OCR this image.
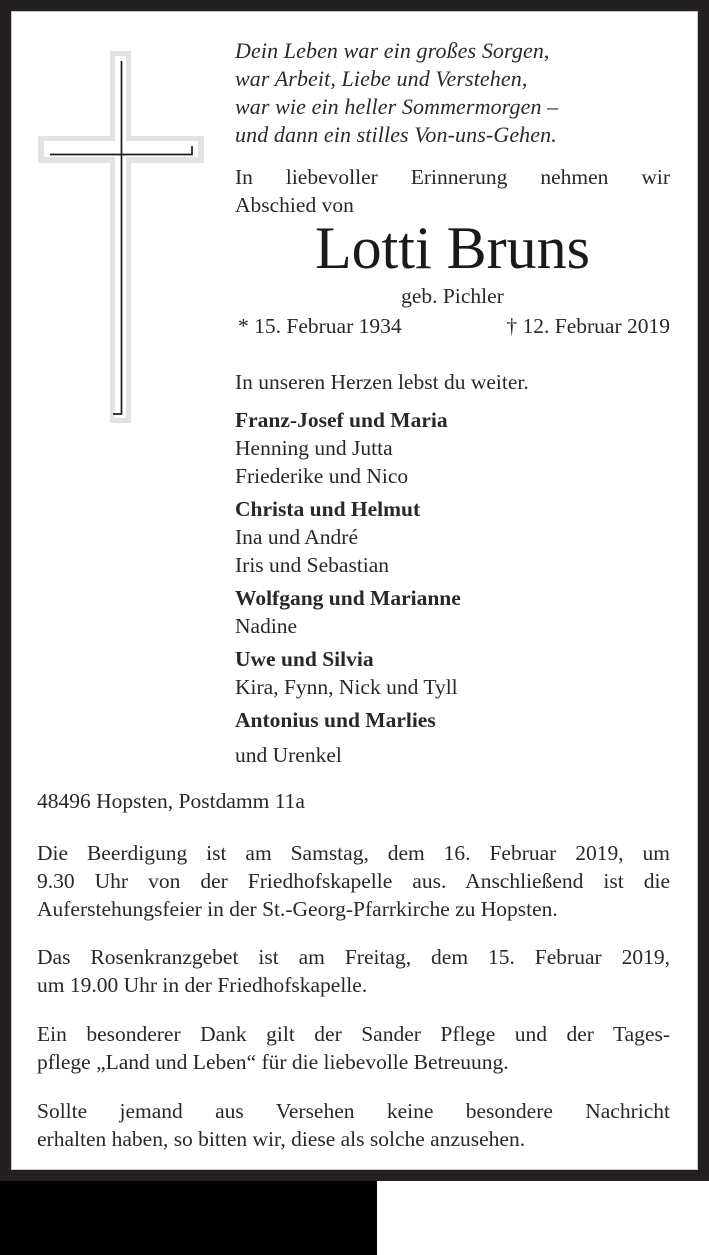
Dein Leben war ein großes Sorgen,
war Arbeit, Liebe und Verstehen,
war wie ein heller Sommermorgen –
und dann ein stilles Von-uns-Gehen.
In liebevoller Erinnerung nehmen wir
Abschied von
Lotti Bruns
geb. Pichler
* 15. Februar 1934	† 12. Februar 2019
In unseren Herzen lebst du weiter.
Franz-Josef und Maria
Henning und Jutta
Friederike und Nico
Christa und Helmut
Ina und André
Iris und Sebastian
Wolfgang und Marianne
Nadine
Uwe und Silvia
Kira, Fynn, Nick und Tyll
Antonius und Marlies
und Urenkel
48496 Hopsten, Postdamm 11a
Die Beerdigung ist am Samstag, dem 16. Februar 2019, um
9.30 Uhr von der Friedhofskapelle aus. Anschließend ist die
Auferstehungsfeier in der St.-Georg-Pfarrkirche zu Hopsten.
Das Rosenkranzgebet ist am Freitag, dem 15. Februar 2019,
um 19.00 Uhr in der Friedhofskapelle.
Ein besonderer Dank gilt der Sander Pflege und der Tages-
pflege „Land und Leben“ für die liebevolle Betreuung.
Sollte jemand aus Versehen keine besondere Nachricht
erhalten haben, so bitten wir, diese als solche anzusehen.
